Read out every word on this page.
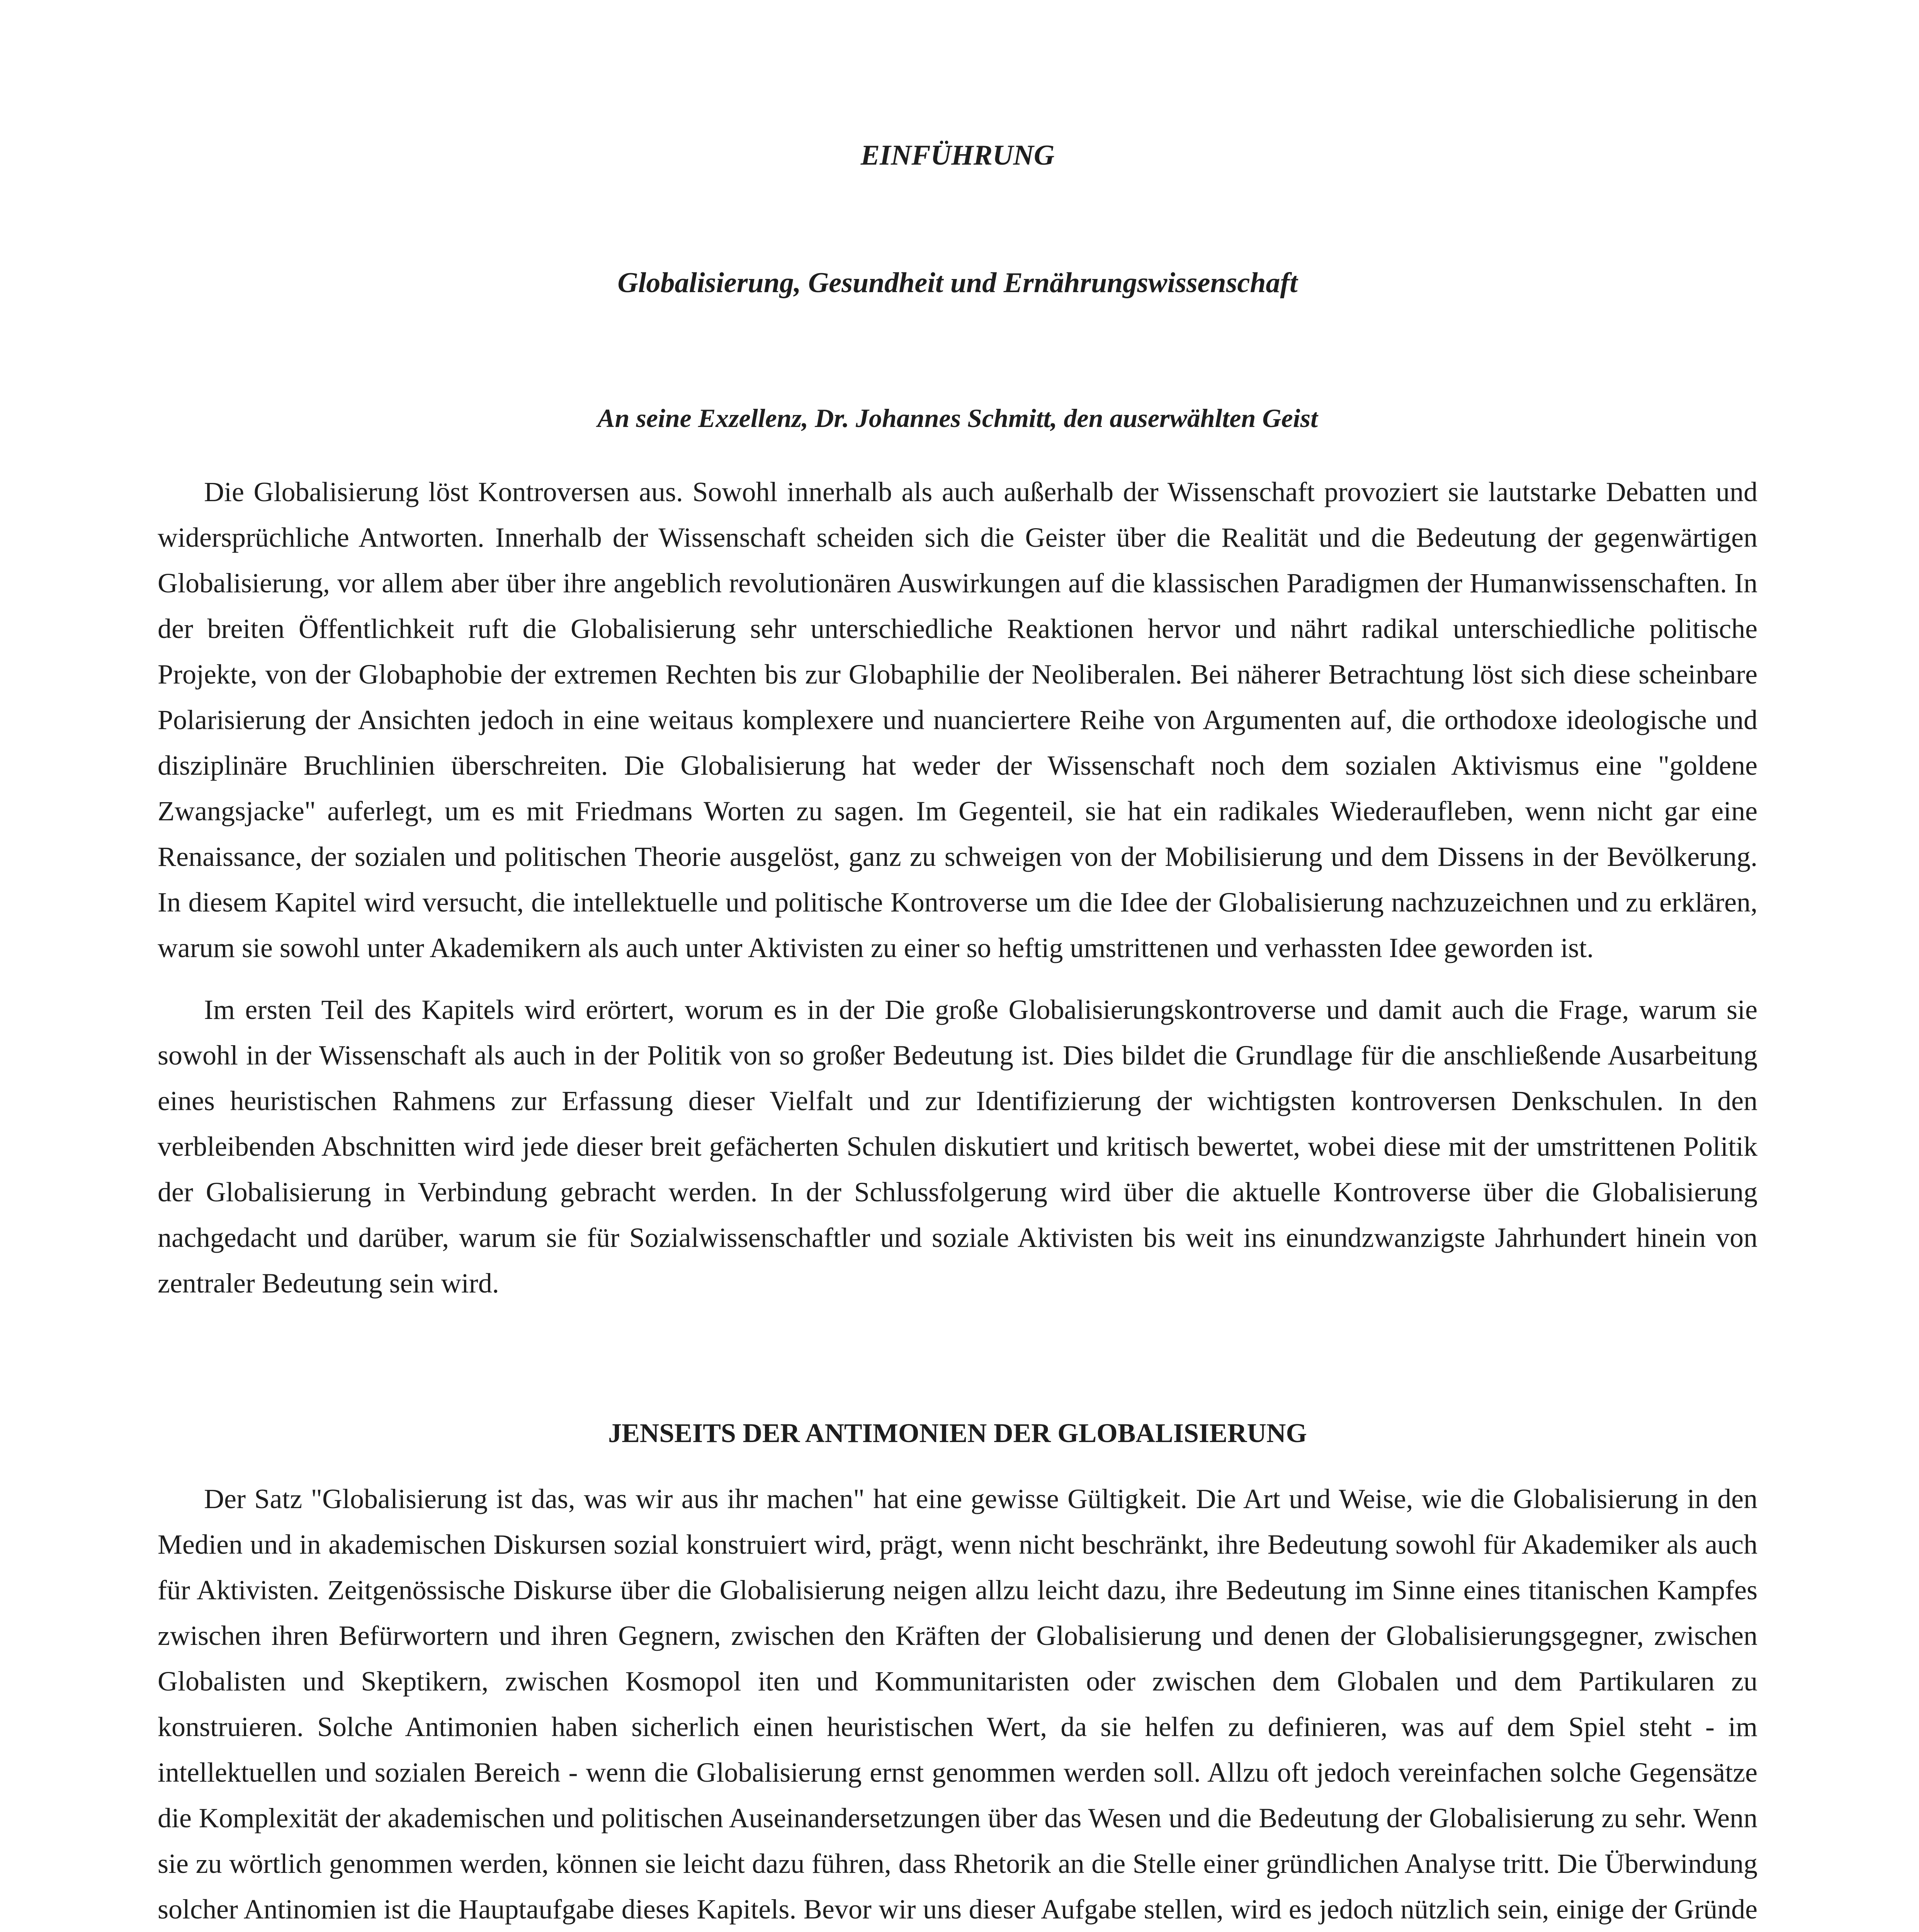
EINFÜHRUNG
Globalisierung, Gesundheit und Ernährungswissenschaft

An seine Exzellenz, Dr. Johannes Schmitt, den auserwählten Geist

Die Globalisierung löst Kontroversen aus. Sowohl innerhalb als auch außerhalb der Wissenschaft provoziert sie lautstarke Debatten und widersprüchliche Antworten. Innerhalb der Wissenschaft scheiden sich die Geister über die Realität und die Bedeutung der gegenwärtigen Globalisierung, vor allem aber über ihre angeblich revolutionären Auswirkungen auf die klassischen Paradigmen der Humanwissenschaften. In der breiten Öffentlichkeit ruft die Globalisierung sehr unterschiedliche Reaktionen hervor und nährt radikal unterschiedliche politische Projekte, von der Globaphobie der extremen Rechten bis zur Globaphilie der Neoliberalen. Bei näherer Betrachtung löst sich diese scheinbare Polarisierung der Ansichten jedoch in eine weitaus komplexere und nuanciertere Reihe von Argumenten auf, die orthodoxe ideologische und disziplinäre Bruchlinien überschreiten. Die Globalisierung hat weder der Wissenschaft noch dem sozialen Aktivismus eine "goldene Zwangsjacke" auferlegt, um es mit Friedmans Worten zu sagen. Im Gegenteil, sie hat ein radikales Wiederaufleben, wenn nicht gar eine Renaissance, der sozialen und politischen Theorie ausgelöst, ganz zu schweigen von der Mobilisierung und dem Dissens in der Bevölkerung. In diesem Kapitel wird versucht, die intellektuelle und politische Kontroverse um die Idee der Globalisierung nachzuzeichnen und zu erklären, warum sie sowohl unter Akademikern als auch unter Aktivisten zu einer so heftig umstrittenen und verhassten Idee geworden ist.

Im ersten Teil des Kapitels wird erörtert, worum es in der Die große Globalisierungskontroverse und damit auch die Frage, warum sie sowohl in der Wissenschaft als auch in der Politik von so großer Bedeutung ist. Dies bildet die Grundlage für die anschließende Ausarbeitung eines heuristischen Rahmens zur Erfassung dieser Vielfalt und zur Identifizierung der wichtigsten kontroversen Denkschulen. In den verbleibenden Abschnitten wird jede dieser breit gefächerten Schulen diskutiert und kritisch bewertet, wobei diese mit der umstrittenen Politik der Globalisierung in Verbindung gebracht werden. In der Schlussfolgerung wird über die aktuelle Kontroverse über die Globalisierung nachgedacht und darüber, warum sie für Sozialwissenschaftler und soziale Aktivisten bis weit ins einundzwanzigste Jahrhundert hinein von zentraler Bedeutung sein wird.

JENSEITS DER ANTIMONIEN DER GLOBALISIERUNG

Der Satz "Globalisierung ist das, was wir aus ihr machen" hat eine gewisse Gültigkeit. Die Art und Weise, wie die Globalisierung in den Medien und in akademischen Diskursen sozial konstruiert wird, prägt, wenn nicht beschränkt, ihre Bedeutung sowohl für Akademiker als auch für Aktivisten. Zeitgenössische Diskurse über die Globalisierung neigen allzu leicht dazu, ihre Bedeutung im Sinne eines titanischen Kampfes zwischen ihren Befürwortern und ihren Gegnern, zwischen den Kräften der Globalisierung und denen der Globalisierungsgegner, zwischen Globalisten und Skeptikern, zwischen Kosmopol iten und Kommunitaristen oder zwischen dem Globalen und dem Partikularen zu konstruieren. Solche Antimonien haben sicherlich einen heuristischen Wert, da sie helfen zu definieren, was auf dem Spiel steht - im intellektuellen und sozialen Bereich - wenn die Globalisierung ernst genommen werden soll. Allzu oft jedoch vereinfachen solche Gegensätze die Komplexität der akademischen und politischen Auseinandersetzungen über das Wesen und die Bedeutung der Globalisierung zu sehr. Wenn sie zu wörtlich genommen werden, können sie leicht dazu führen, dass Rhetorik an die Stelle einer gründlichen Analyse tritt. Die Überwindung solcher Antinomien ist die Hauptaufgabe dieses Kapitels. Bevor wir uns dieser Aufgabe stellen, wird es jedoch nützlich sein, einige der Gründe
